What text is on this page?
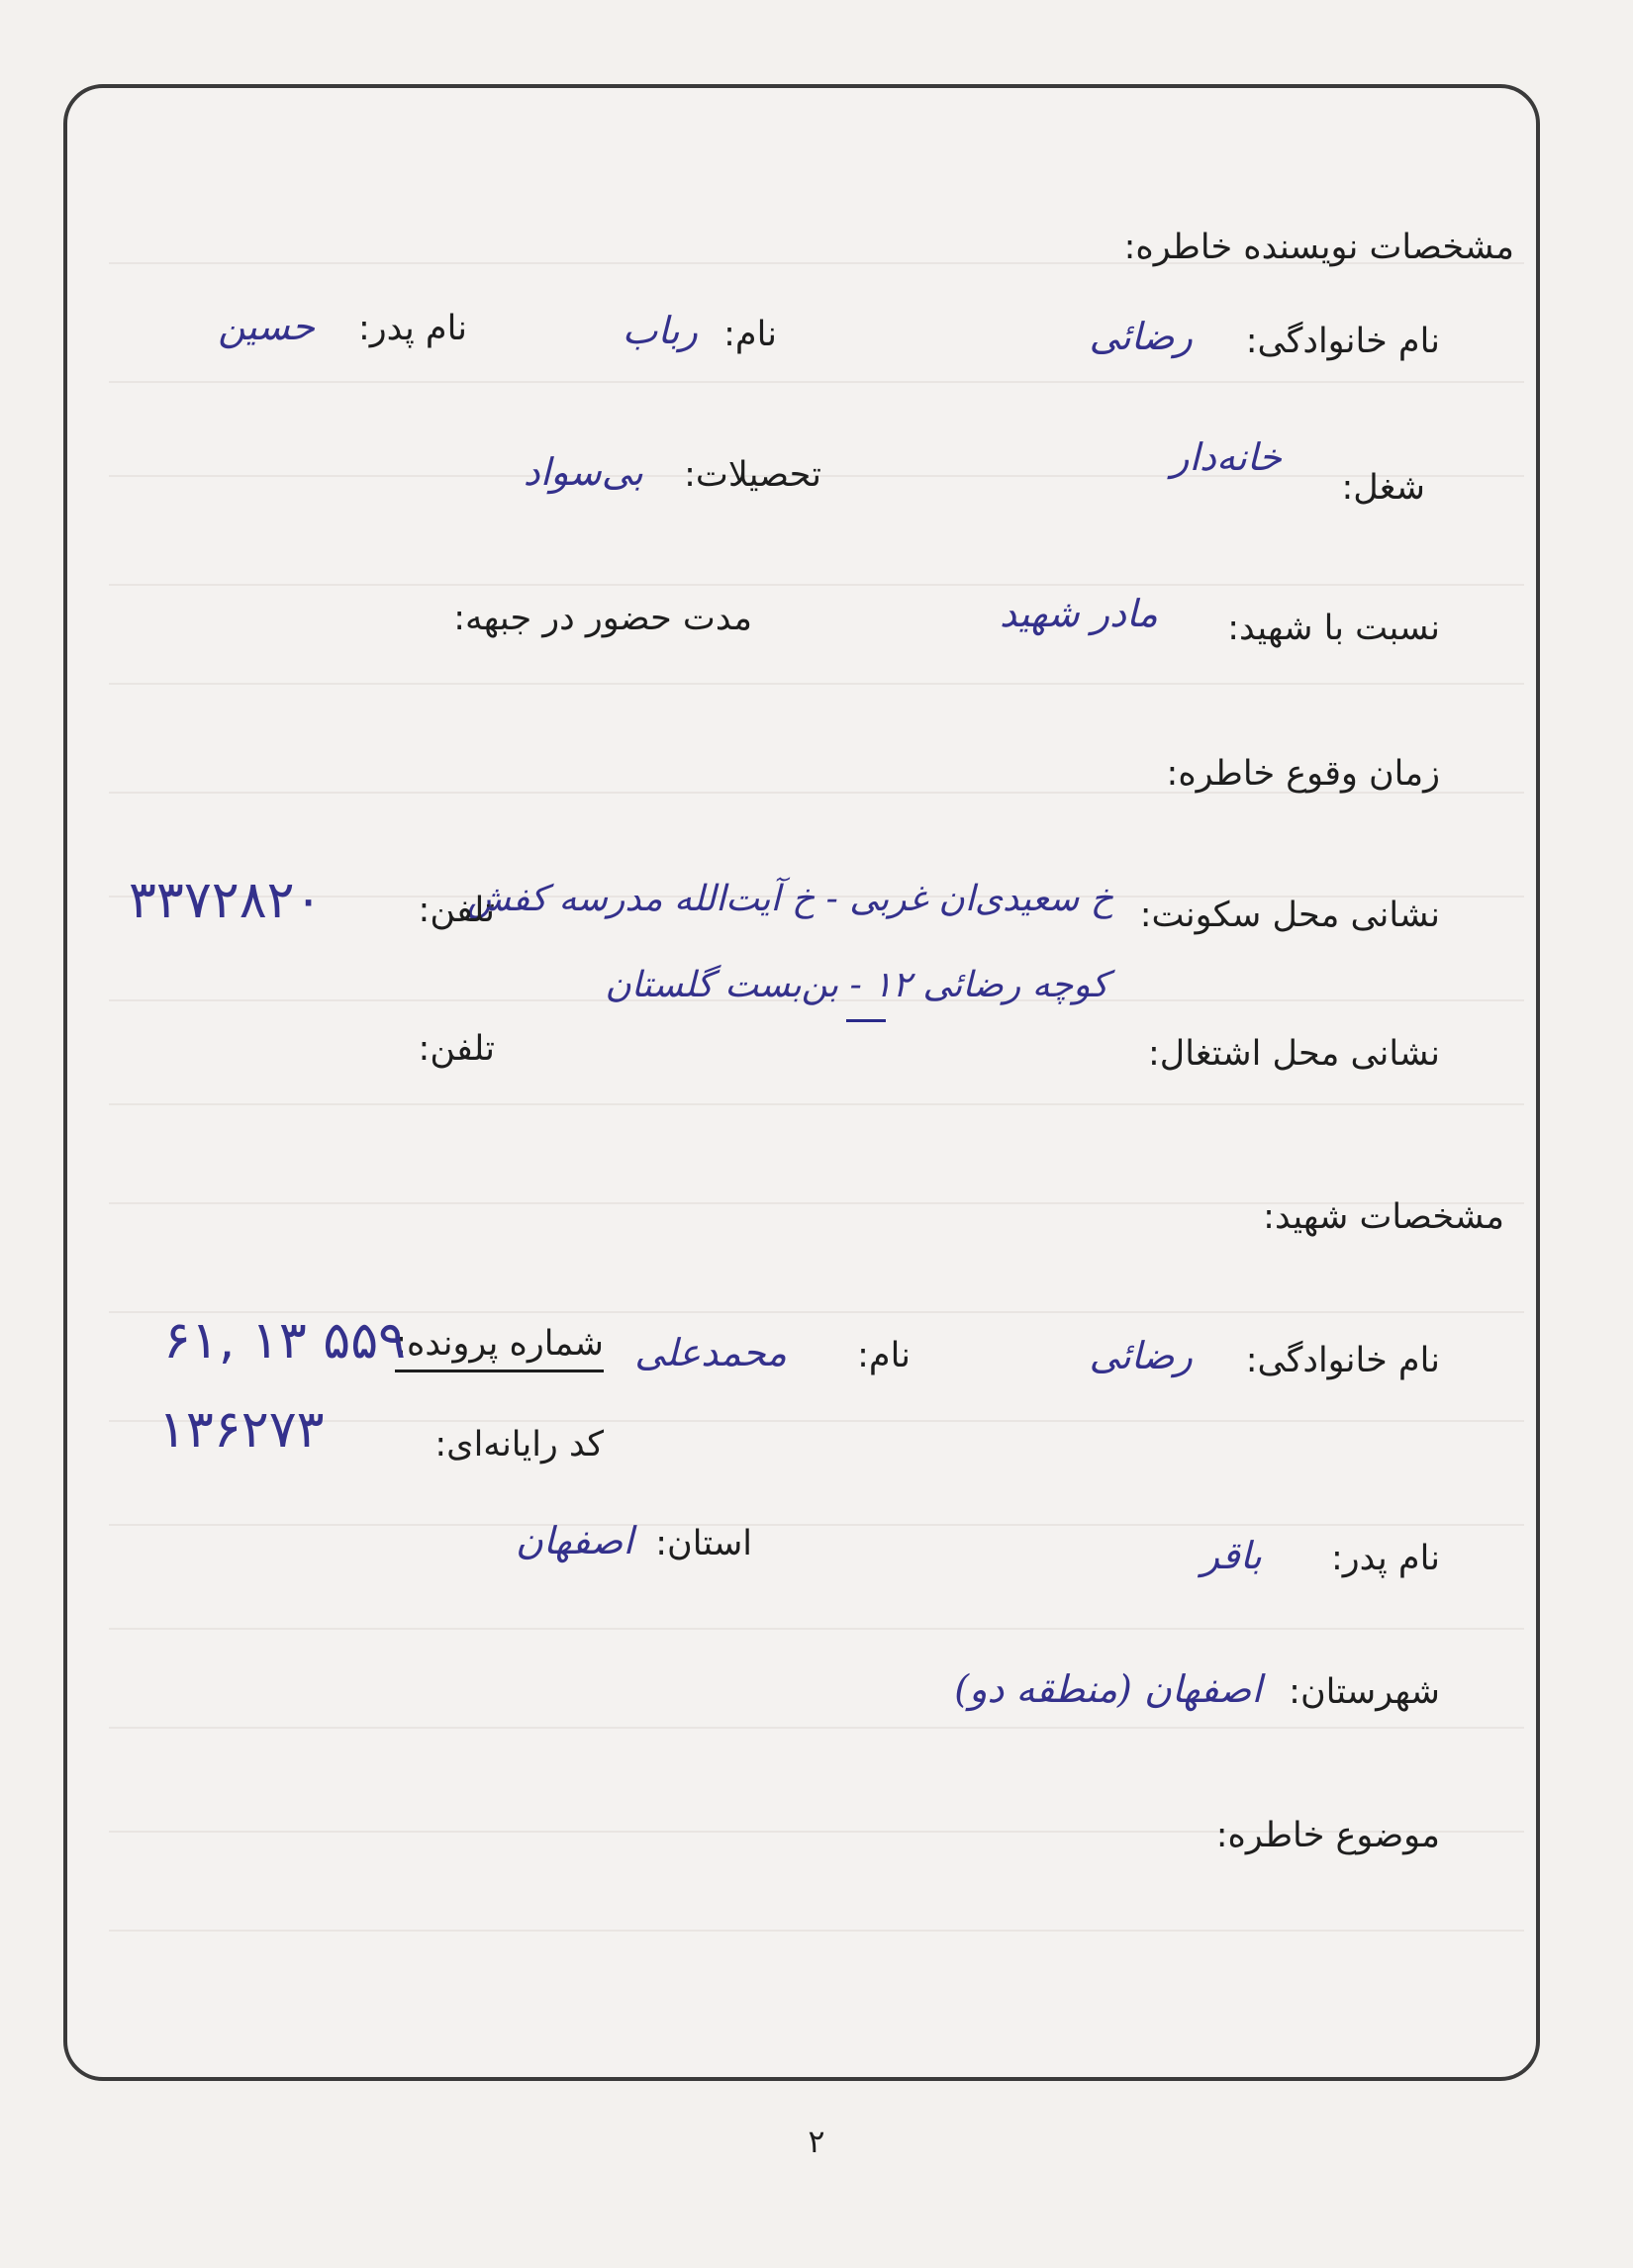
مشخصات نویسنده خاطره:
نام خانوادگی:
رضائی
نام:
رباب
نام پدر:
حسین
شغل:
خانه‌دار
تحصیلات:
بی‌سواد
نسبت با شهید:
مادر شهید
مدت حضور در جبهه:
زمان وقوع خاطره:
نشانی محل سکونت:
خ سعیدی‌ان غربی - خ آیت‌الله مدرسه کفش
کوچه رضائی ۱۲ - بن‌بست گلستان
تلفن:
۳۳۷۲۸۲۰
نشانی محل اشتغال:
تلفن:
مشخصات شهید:
نام خانوادگی:
رضائی
نام:
محمدعلی
شماره پرونده:
۶۱, ۱۳ ۵۵۹
کد رایانه‌ای:
۱۳۶۲۷۳
نام پدر:
باقر
استان:
اصفهان
شهرستان:
اصفهان (منطقه دو)
موضوع خاطره:
۲
